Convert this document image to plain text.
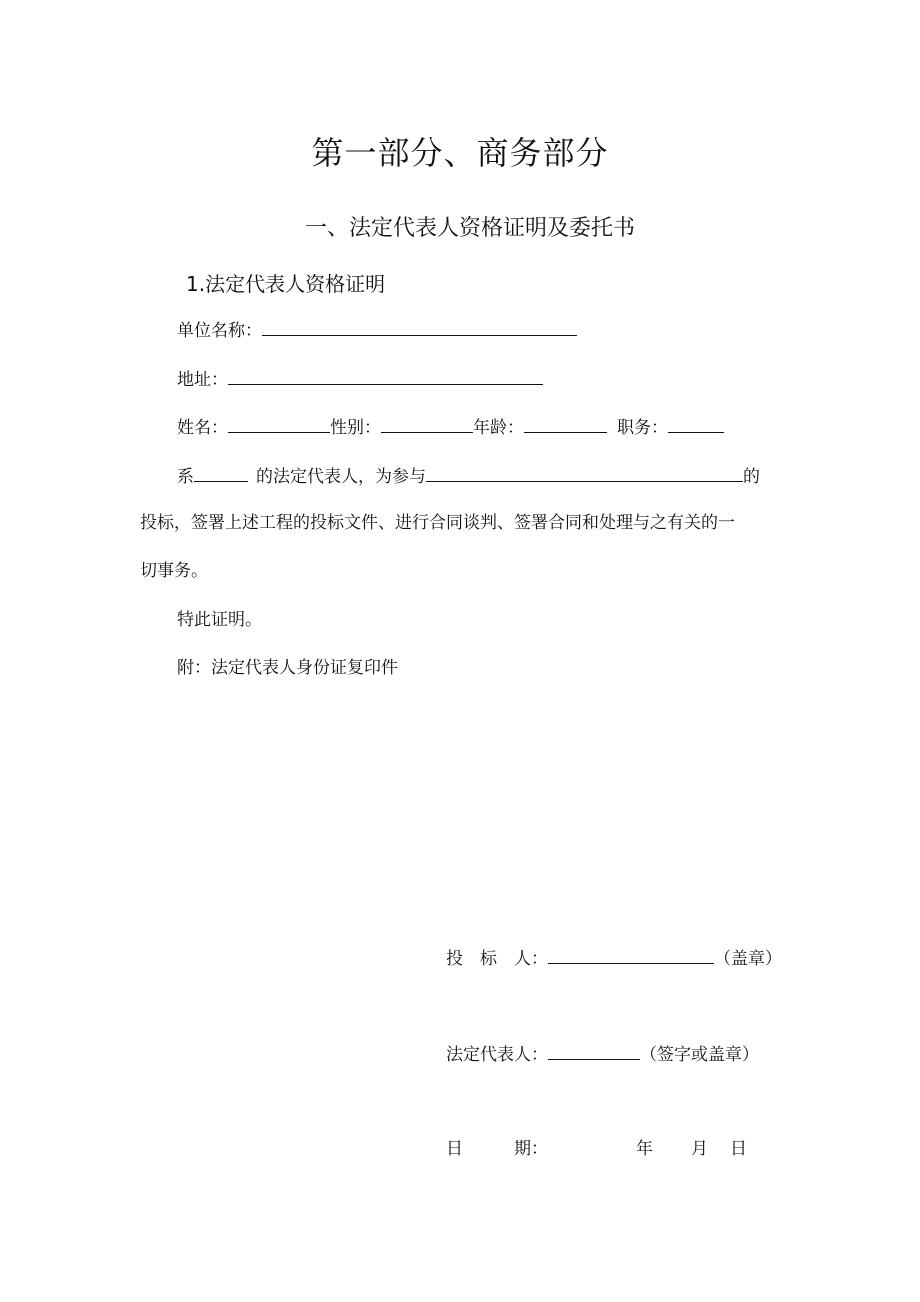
第一部分、商务部分
一、法定代表人资格证明及委托书
1.法定代表人资格证明
单位名称：
地址：
姓名：	性别：	年龄：	职务：
系	的法定代表人，为参与	的
投标，签署上述工程的投标文件、进行合同谈判、签署合同和处理与之有关的一
切事务。
特此证明。
附：法定代表人身份证复印件
投　标　人：	（盖章）
法定代表人：	（签字或盖章）
日　　　期：	年 月 日
